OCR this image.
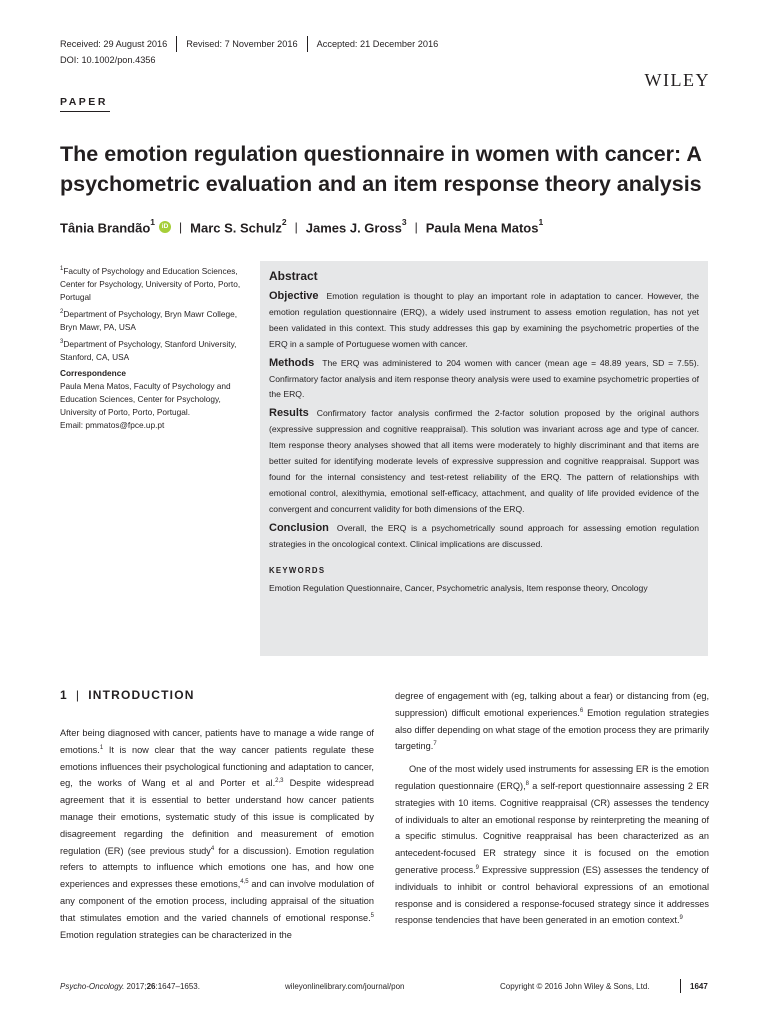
Received: 29 August 2016 Revised: 7 November 2016 Accepted: 21 December 2016
DOI: 10.1002/pon.4356
WILEY
PAPER
The emotion regulation questionnaire in women with cancer: A psychometric evaluation and an item response theory analysis
Tânia Brandão$^1$	iD | Marc S. Schulz$^2$ | James J. Gross$^3$ | Paula Mena Matos$^1$
$^1$Faculty of Psychology and Education Sciences, Center for Psychology, University of Porto, Porto, Portugal
$^2$Department of Psychology, Bryn Mawr College, Bryn Mawr, PA, USA
$^3$Department of Psychology, Stanford University, Stanford, CA, USA
Correspondence
Paula Mena Matos, Faculty of Psychology and Education Sciences, Center for Psychology, University of Porto, Porto, Portugal.
Email: pmmatos@fpce.up.pt
Abstract

Objective Emotion regulation is thought to play an important role in adaptation to cancer. However, the emotion regulation questionnaire (ERQ), a widely used instrument to assess emotion regulation, has not yet been validated in this context. This study addresses this gap by examining the psychometric properties of the ERQ in a sample of Portuguese women with cancer.

Methods The ERQ was administered to 204 women with cancer (mean age = 48.89 years, SD = 7.55). Confirmatory factor analysis and item response theory analysis were used to examine psychometric properties of the ERQ.

Results Confirmatory factor analysis confirmed the 2-factor solution proposed by the original authors (expressive suppression and cognitive reappraisal). This solution was invariant across age and type of cancer. Item response theory analyses showed that all items were moderately to highly discriminant and that items are better suited for identifying moderate levels of expressive suppression and cognitive reappraisal. Support was found for the internal consistency and test-retest reliability of the ERQ. The pattern of relationships with emotional control, alexithymia, emotional self-efficacy, attachment, and quality of life provided evidence of the convergent and concurrent validity for both dimensions of the ERQ.

Conclusion Overall, the ERQ is a psychometrically sound approach for assessing emotion regulation strategies in the oncological context. Clinical implications are discussed.

KEYWORDS
Emotion Regulation Questionnaire, Cancer, Psychometric analysis, Item response theory, Oncology
1 | INTRODUCTION

After being diagnosed with cancer, patients have to manage a wide range of emotions.$^1$ It is now clear that the way cancer patients regulate these emotions influences their psychological functioning and adaptation to cancer, eg, the works of Wang et al and Porter et al.$^{2,3}$ Despite widespread agreement that it is essential to better understand how cancer patients manage their emotions, systematic study of this issue is complicated by disagreement regarding the definition and measurement of emotion regulation (ER) (see previous study$^4$ for a discussion). Emotion regulation refers to attempts to influence which emotions one has, and how one experiences and expresses these emotions,$^{4,5}$ and can involve modulation of any component of the emotion process, including appraisal of the situation that stimulates emotion and the varied channels of emotional response.$^5$ Emotion regulation strategies can be characterized in the

degree of engagement with (eg, talking about a fear) or distancing from (eg, suppression) difficult emotional experiences.$^6$ Emotion regulation strategies also differ depending on what stage of the emotion process they are primarily targeting.$^7$

One of the most widely used instruments for assessing ER is the emotion regulation questionnaire (ERQ),$^8$ a self-report questionnaire assessing 2 ER strategies with 10 items. Cognitive reappraisal (CR) assesses the tendency of individuals to alter an emotional response by reinterpreting the meaning of a specific stimulus. Cognitive reappraisal has been characterized as an antecedent-focused ER strategy since it is focused on the emotion generative process.$^9$ Expressive suppression (ES) assesses the tendency of individuals to inhibit or control behavioral expressions of an emotional response and is considered a response-focused strategy since it addresses response tendencies that have been generated in an emotion context.$^9$

Psycho-Oncology. 2017;26:1647–1653.	wileyonlinelibrary.com/journal/pon	Copyright © 2016 John Wiley & Sons, Ltd.	1647
